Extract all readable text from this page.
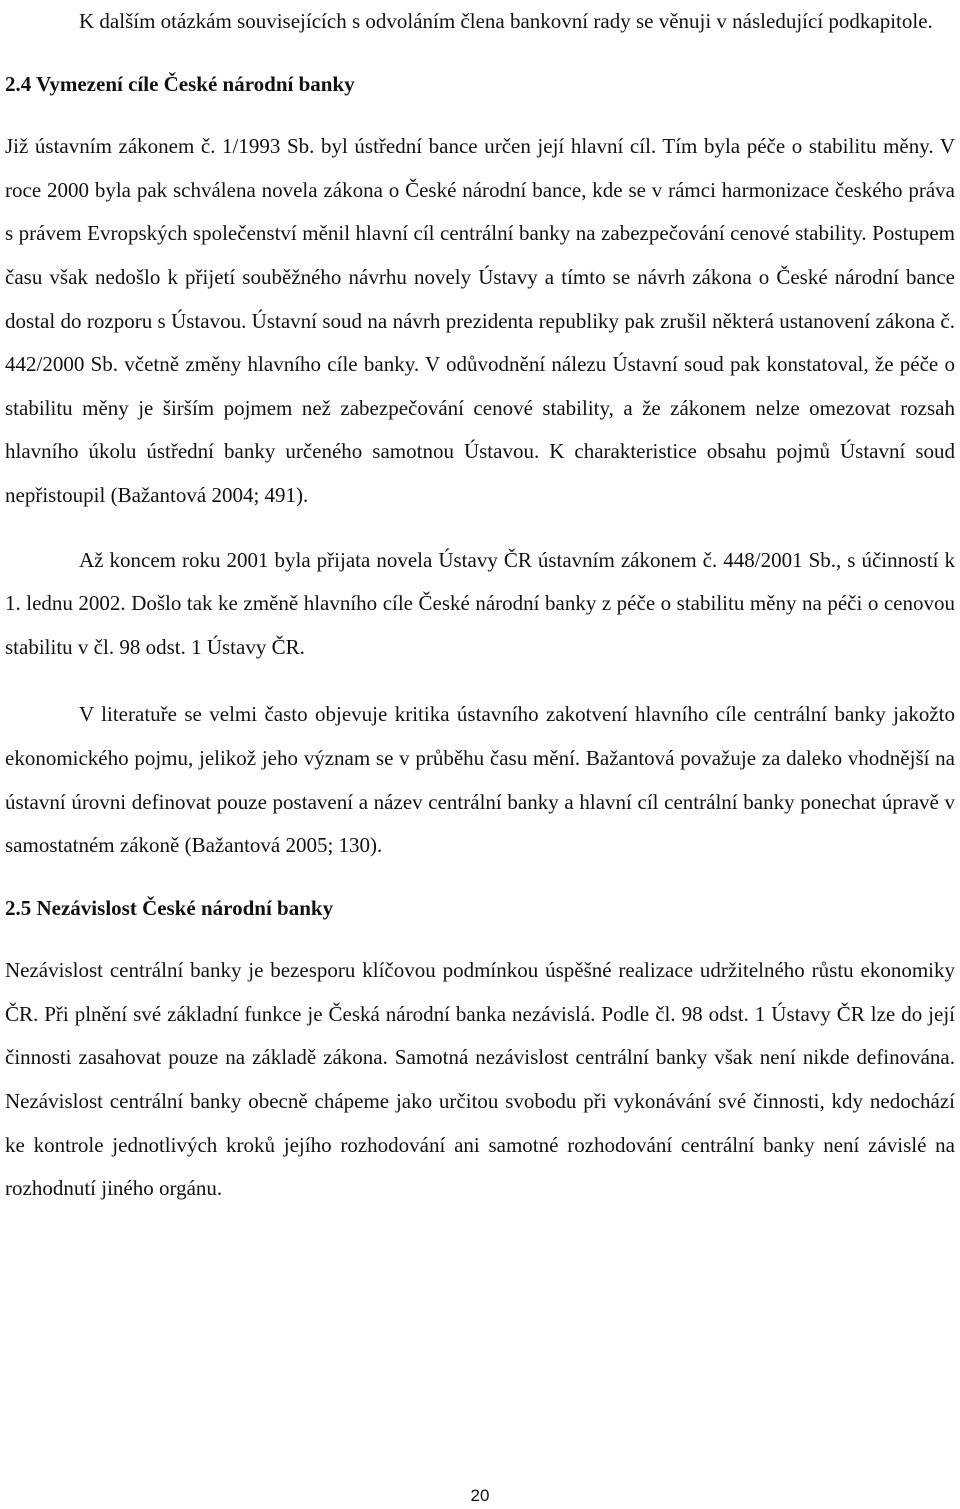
K dalším otázkám souvisejících s odvoláním člena bankovní rady se věnuji v následující podkapitole.

2.4 Vymezení cíle České národní banky

Již ústavním zákonem č. 1/1993 Sb. byl ústřední bance určen její hlavní cíl. Tím byla péče o stabilitu měny. V roce 2000 byla pak schválena novela zákona o České národní bance, kde se v rámci harmonizace českého práva s právem Evropských společenství měnil hlavní cíl centrální banky na zabezpečování cenové stability. Postupem času však nedošlo k přijetí souběžného návrhu novely Ústavy a tímto se návrh zákona o České národní bance dostal do rozporu s Ústavou. Ústavní soud na návrh prezidenta republiky pak zrušil některá ustanovení zákona č. 442/2000 Sb. včetně změny hlavního cíle banky. V odůvodnění nálezu Ústavní soud pak konstatoval, že péče o stabilitu měny je širším pojmem než zabezpečování cenové stability, a že zákonem nelze omezovat rozsah hlavního úkolu ústřední banky určeného samotnou Ústavou. K charakteristice obsahu pojmů Ústavní soud nepřistoupil (Bažantová 2004; 491).

Až koncem roku 2001 byla přijata novela Ústavy ČR ústavním zákonem č. 448/2001 Sb., s účinností k 1. lednu 2002. Došlo tak ke změně hlavního cíle České národní banky z péče o stabilitu měny na péči o cenovou stabilitu v čl. 98 odst. 1 Ústavy ČR.

V literatuře se velmi často objevuje kritika ústavního zakotvení hlavního cíle centrální banky jakožto ekonomického pojmu, jelikož jeho význam se v průběhu času mění. Bažantová považuje za daleko vhodnější na ústavní úrovni definovat pouze postavení a název centrální banky a hlavní cíl centrální banky ponechat úpravě v samostatném zákoně (Bažantová 2005; 130).

2.5 Nezávislost České národní banky

Nezávislost centrální banky je bezesporu klíčovou podmínkou úspěšné realizace udržitelného růstu ekonomiky ČR. Při plnění své základní funkce je Česká národní banka nezávislá. Podle čl. 98 odst. 1 Ústavy ČR lze do její činnosti zasahovat pouze na základě zákona. Samotná nezávislost centrální banky však není nikde definována. Nezávislost centrální banky obecně chápeme jako určitou svobodu při vykonávání své činnosti, kdy nedochází ke kontrole jednotlivých kroků jejího rozhodování ani samotné rozhodování centrální banky není závislé na rozhodnutí jiného orgánu.

20
